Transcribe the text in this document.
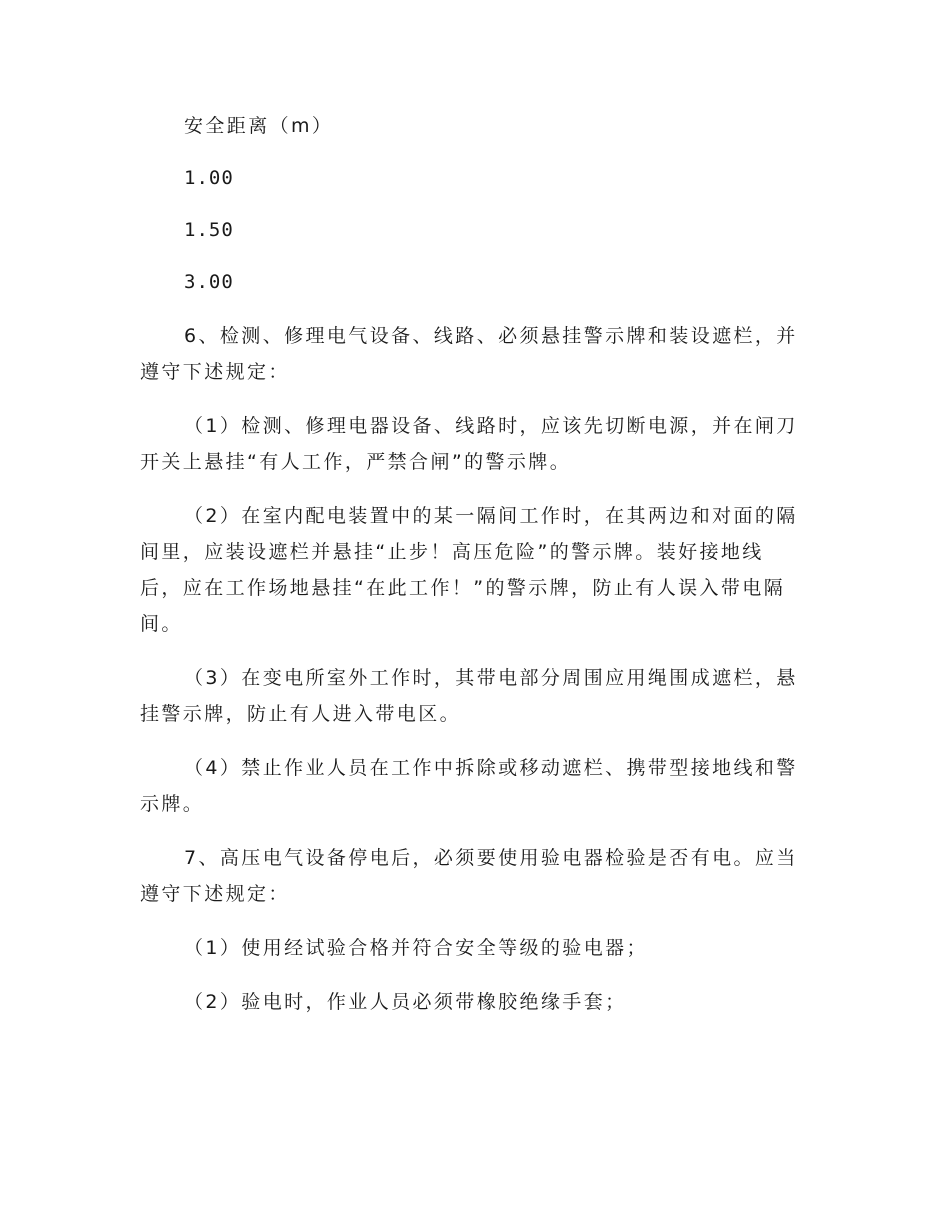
安全距离（m）

1.00

1.50

3.00

6、检测、修理电气设备、线路、必须悬挂警示牌和装设遮栏，并遵守下述规定：

（1）检测、修理电器设备、线路时，应该先切断电源，并在闸刀开关上悬挂“有人工作，严禁合闸”的警示牌。

（2）在室内配电装置中的某一隔间工作时，在其两边和对面的隔间里，应装设遮栏并悬挂“止步！高压危险”的警示牌。装好接地线后，应在工作场地悬挂“在此工作！”的警示牌，防止有人误入带电隔间。

（3）在变电所室外工作时，其带电部分周围应用绳围成遮栏，悬挂警示牌，防止有人进入带电区。

（4）禁止作业人员在工作中拆除或移动遮栏、携带型接地线和警示牌。

7、高压电气设备停电后，必须要使用验电器检验是否有电。应当遵守下述规定：

（1）使用经试验合格并符合安全等级的验电器；

（2）验电时，作业人员必须带橡胶绝缘手套；
